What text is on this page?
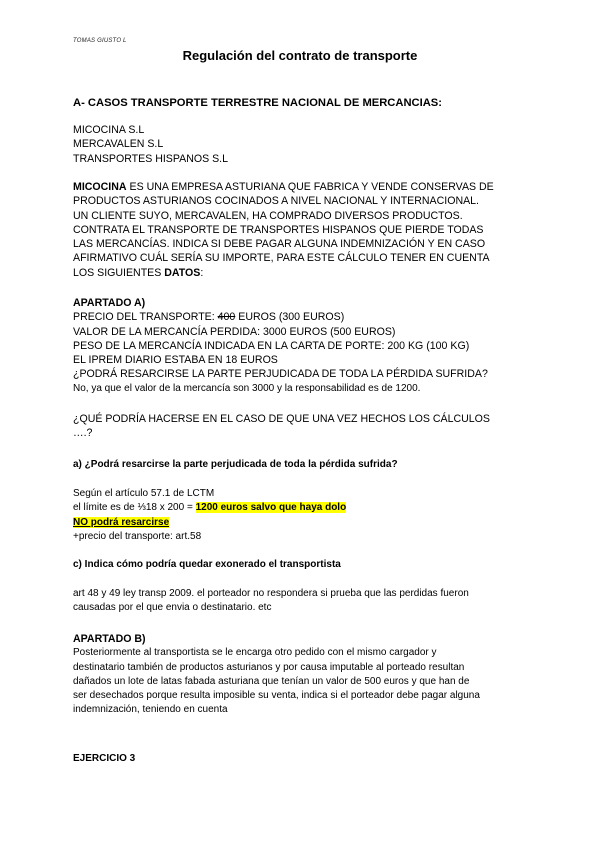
TOMAS GIUSTO L
Regulación del contrato de transporte
A- CASOS TRANSPORTE TERRESTRE NACIONAL DE MERCANCIAS:
MICOCINA S.L
MERCAVALEN S.L
TRANSPORTES HISPANOS S.L
MICOCINA ES UNA EMPRESA ASTURIANA QUE FABRICA Y VENDE CONSERVAS DE
PRODUCTOS ASTURIANOS COCINADOS A NIVEL NACIONAL Y INTERNACIONAL.
UN CLIENTE SUYO, MERCAVALEN, HA COMPRADO DIVERSOS PRODUCTOS.
CONTRATA EL TRANSPORTE DE TRANSPORTES HISPANOS QUE PIERDE TODAS
LAS MERCANCÍAS. INDICA SI DEBE PAGAR ALGUNA INDEMNIZACIÓN Y EN CASO
AFIRMATIVO CUÁL SERÍA SU IMPORTE, PARA ESTE CÁLCULO TENER EN CUENTA
LOS SIGUIENTES DATOS:
APARTADO A)
PRECIO DEL TRANSPORTE: 400 EUROS (300 EUROS)
VALOR DE LA MERCANCÍA PERDIDA: 3000 EUROS (500 EUROS)
PESO DE LA MERCANCÍA INDICADA EN LA CARTA DE PORTE: 200 KG (100 KG)
EL IPREM DIARIO ESTABA EN 18 EUROS
¿PODRÁ RESARCIRSE LA PARTE PERJUDICADA DE TODA LA PÉRDIDA SUFRIDA?
No, ya que el valor de la mercancía son 3000 y la responsabilidad es de 1200.
¿QUÉ PODRÍA HACERSE EN EL CASO DE QUE UNA VEZ HECHOS LOS CÁLCULOS
….?
a) ¿Podrá resarcirse la parte perjudicada de toda la pérdida sufrida?
Según el artículo 57.1 de LCTM
el límite es de ⅓18 x 200 = 1200 euros salvo que haya dolo
NO podrá resarcirse
+precio del transporte: art.58
c) Indica cómo podría quedar exonerado el transportista
art 48 y 49 ley transp 2009. el porteador no respondera si prueba que las perdidas fueron
causadas por el que envia o destinatario. etc
APARTADO B)
Posteriormente al transportista se le encarga otro pedido con el mismo cargador y
destinatario también de productos asturianos y por causa imputable al porteado resultan
dañados un lote de latas fabada asturiana que tenían un valor de 500 euros y que han de
ser desechados porque resulta imposible su venta, indica si el porteador debe pagar alguna
indemnización, teniendo en cuenta
EJERCICIO 3
